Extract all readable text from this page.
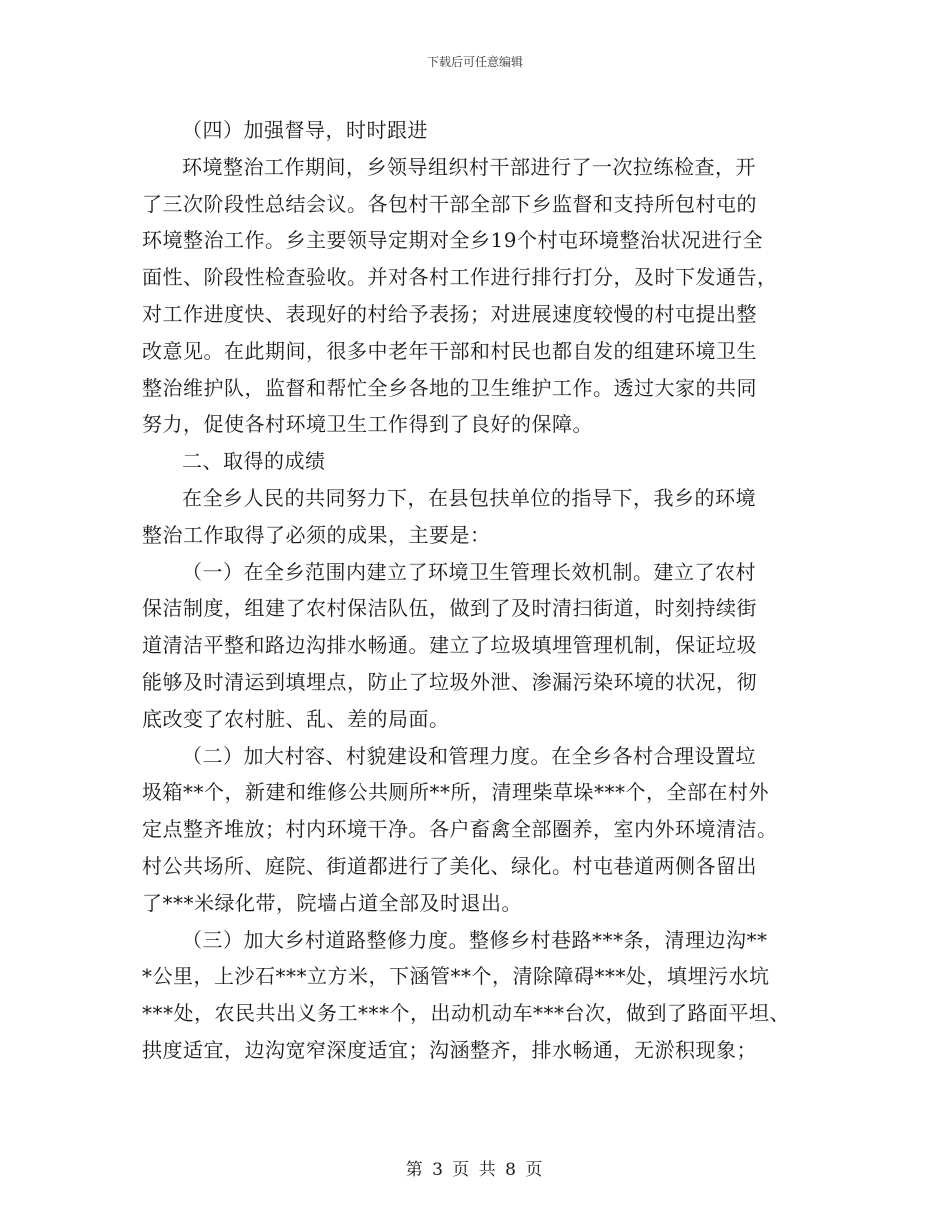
下载后可任意编辑

（四）加强督导，时时跟进

环境整治工作期间，乡领导组织村干部进行了一次拉练检查，开
了三次阶段性总结会议。各包村干部全部下乡监督和支持所包村屯的
环境整治工作。乡主要领导定期对全乡19个村屯环境整治状况进行全
面性、阶段性检查验收。并对各村工作进行排行打分，及时下发通告，
对工作进度快、表现好的村给予表扬；对进展速度较慢的村屯提出整
改意见。在此期间，很多中老年干部和村民也都自发的组建环境卫生
整治维护队，监督和帮忙全乡各地的卫生维护工作。透过大家的共同
努力，促使各村环境卫生工作得到了良好的保障。

二、取得的成绩

在全乡人民的共同努力下，在县包扶单位的指导下，我乡的环境
整治工作取得了必须的成果，主要是：

（一）在全乡范围内建立了环境卫生管理长效机制。建立了农村
保洁制度，组建了农村保洁队伍，做到了及时清扫街道，时刻持续街
道清洁平整和路边沟排水畅通。建立了垃圾填埋管理机制，保证垃圾
能够及时清运到填埋点，防止了垃圾外泄、渗漏污染环境的状况，彻
底改变了农村脏、乱、差的局面。

（二）加大村容、村貌建设和管理力度。在全乡各村合理设置垃
圾箱**个，新建和维修公共厕所**所，清理柴草垛***个，全部在村外
定点整齐堆放；村内环境干净。各户畜禽全部圈养，室内外环境清洁。
村公共场所、庭院、街道都进行了美化、绿化。村屯巷道两侧各留出
了***米绿化带，院墙占道全部及时退出。

（三）加大乡村道路整修力度。整修乡村巷路***条，清理边沟**
*公里，上沙石***立方米，下涵管**个，清除障碍***处，填埋污水坑
***处，农民共出义务工***个，出动机动车***台次，做到了路面平坦、
拱度适宜，边沟宽窄深度适宜；沟涵整齐，排水畅通，无淤积现象；

第 3 页 共 8 页
